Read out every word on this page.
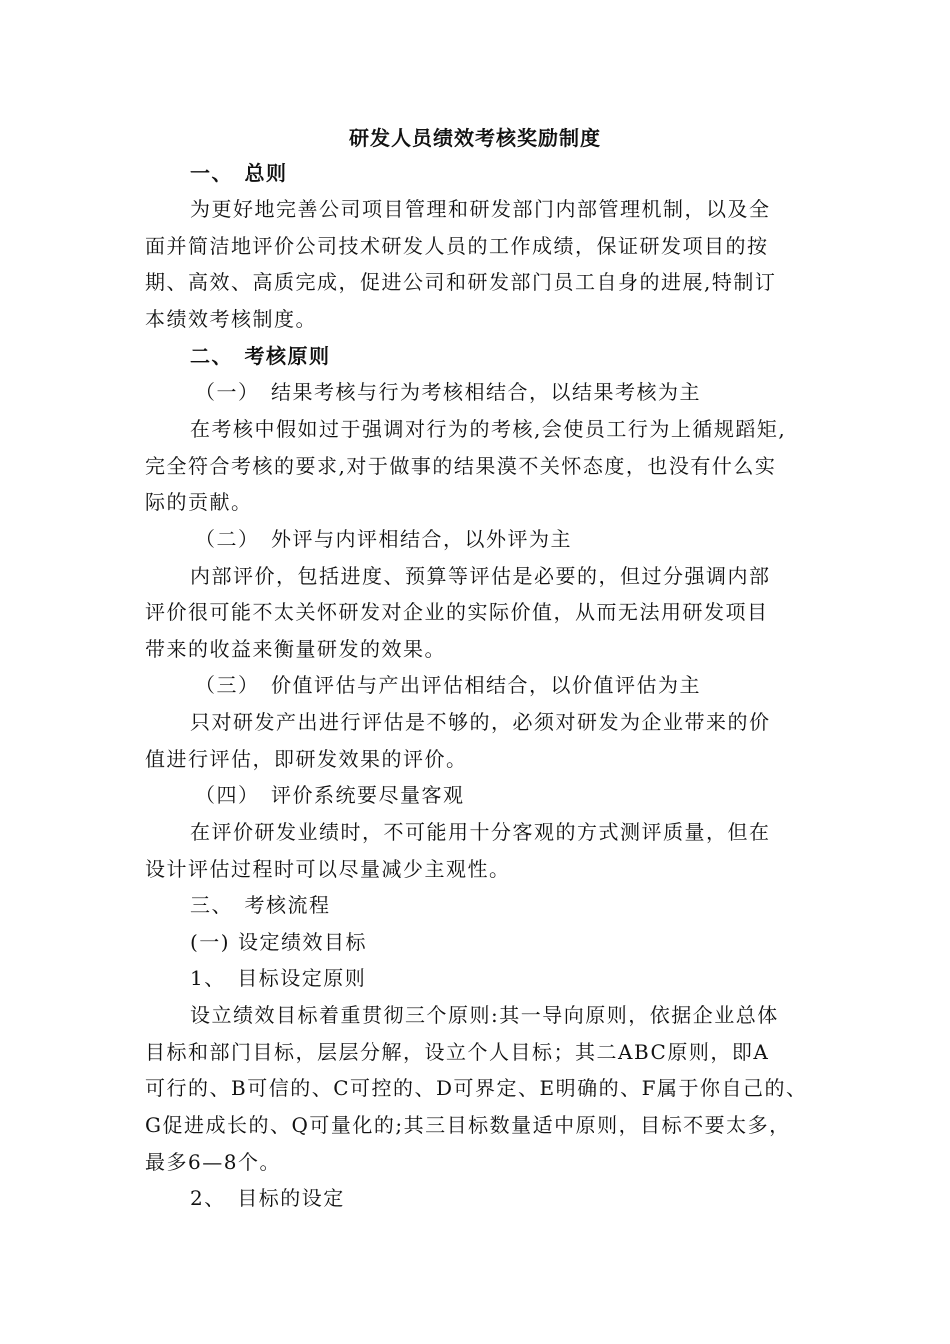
研发人员绩效考核奖励制度
一、　总则
为更好地完善公司项目管理和研发部门内部管理机制，以及全
面并简洁地评价公司技术研发人员的工作成绩，保证研发项目的按
期、高效、高质完成，促进公司和研发部门员工自身的进展,特制订
本绩效考核制度。
二、　考核原则
（一）　结果考核与行为考核相结合，以结果考核为主
在考核中假如过于强调对行为的考核,会使员工行为上循规蹈矩,
完全符合考核的要求,对于做事的结果漠不关怀态度，也没有什么实
际的贡献。
（二）　外评与内评相结合，以外评为主
内部评价，包括进度、预算等评估是必要的，但过分强调内部
评价很可能不太关怀研发对企业的实际价值，从而无法用研发项目
带来的收益来衡量研发的效果。
（三）　价值评估与产出评估相结合，以价值评估为主
只对研发产出进行评估是不够的，必须对研发为企业带来的价
值进行评估，即研发效果的评价。
（四）　评价系统要尽量客观
在评价研发业绩时，不可能用十分客观的方式测评质量，但在
设计评估过程时可以尽量减少主观性。
三、　考核流程
(一) 设定绩效目标
1、　目标设定原则
设立绩效目标着重贯彻三个原则:其一导向原则，依据企业总体
目标和部门目标，层层分解，设立个人目标；其二ABC原则，即A
可行的、B可信的、C可控的、D可界定、E明确的、F属于你自己的、
G促进成长的、Q可量化的;其三目标数量适中原则，目标不要太多，
最多6—8个。
2、　目标的设定
